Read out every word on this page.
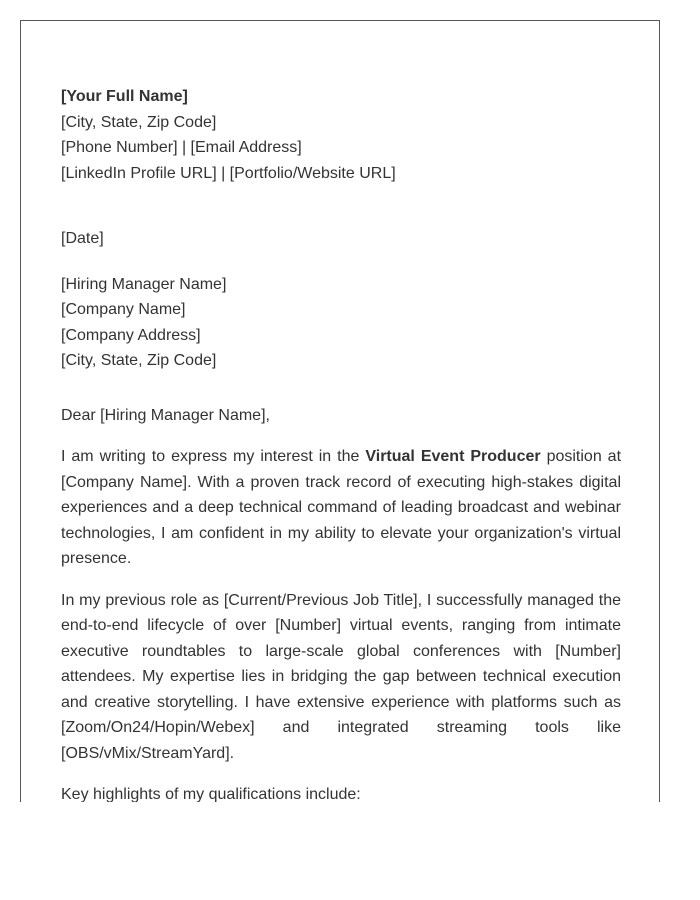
[Your Full Name]
[City, State, Zip Code]
[Phone Number] | [Email Address]
[LinkedIn Profile URL] | [Portfolio/Website URL]
[Date]
[Hiring Manager Name]
[Company Name]
[Company Address]
[City, State, Zip Code]
Dear [Hiring Manager Name],

I am writing to express my interest in the Virtual Event Producer position at [Company Name]. With a proven track record of executing high-stakes digital experiences and a deep technical command of leading broadcast and webinar technologies, I am confident in my ability to elevate your organization's virtual presence.

In my previous role as [Current/Previous Job Title], I successfully managed the end-to-end lifecycle of over [Number] virtual events, ranging from intimate executive roundtables to large-scale global conferences with [Number] attendees. My expertise lies in bridging the gap between technical execution and creative storytelling. I have extensive experience with platforms such as [Zoom/On24/Hopin/Webex] and integrated streaming tools like [OBS/vMix/StreamYard].

Key highlights of my qualifications include:
